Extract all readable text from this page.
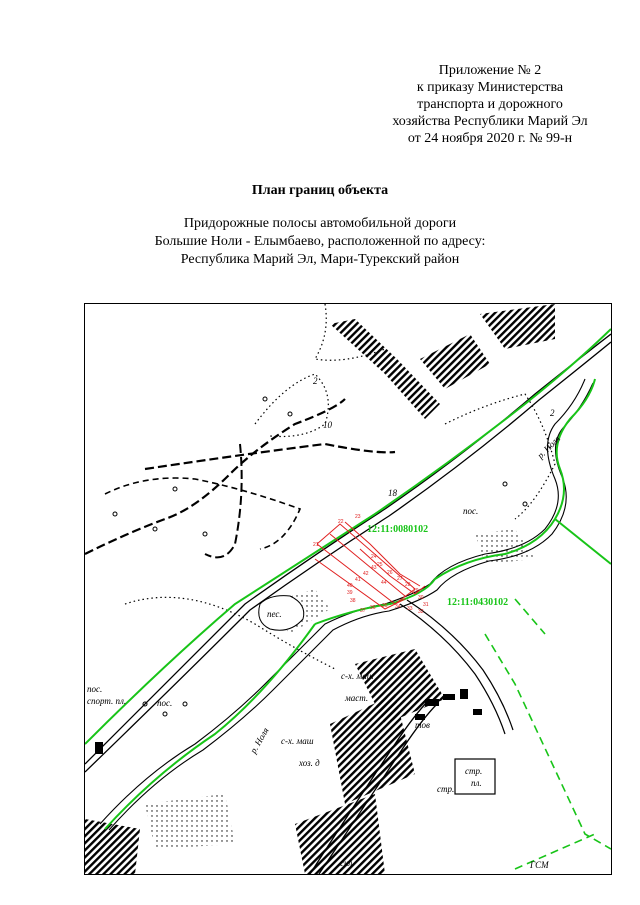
Приложение № 2
к приказу Министерства
транспорта и дорожного
хозяйства Республики Марий Эл
от 24 ноября 2020 г. № 99-н
План границ объекта
Придорожные полосы автомобильной дороги
Большие Ноли - Елымбаево, расположенной по адресу:
Республика Марий Эл, Мари-Турекский район
21
22
23
24
25
26
27
28
29
30
31
32
33
34
35
36
37
38
39
40
41
42
43
44
12:11:0080102
12:11:0430102
р. Ноля
р. Ноля
пос.
пес.
пос.
спорт. пл.	пос.
стр.
пл.
стр.
с-х. маш
маст.
с-х. маш
хоз. д
тов
ГСМ
скл.
2
10
18
2
